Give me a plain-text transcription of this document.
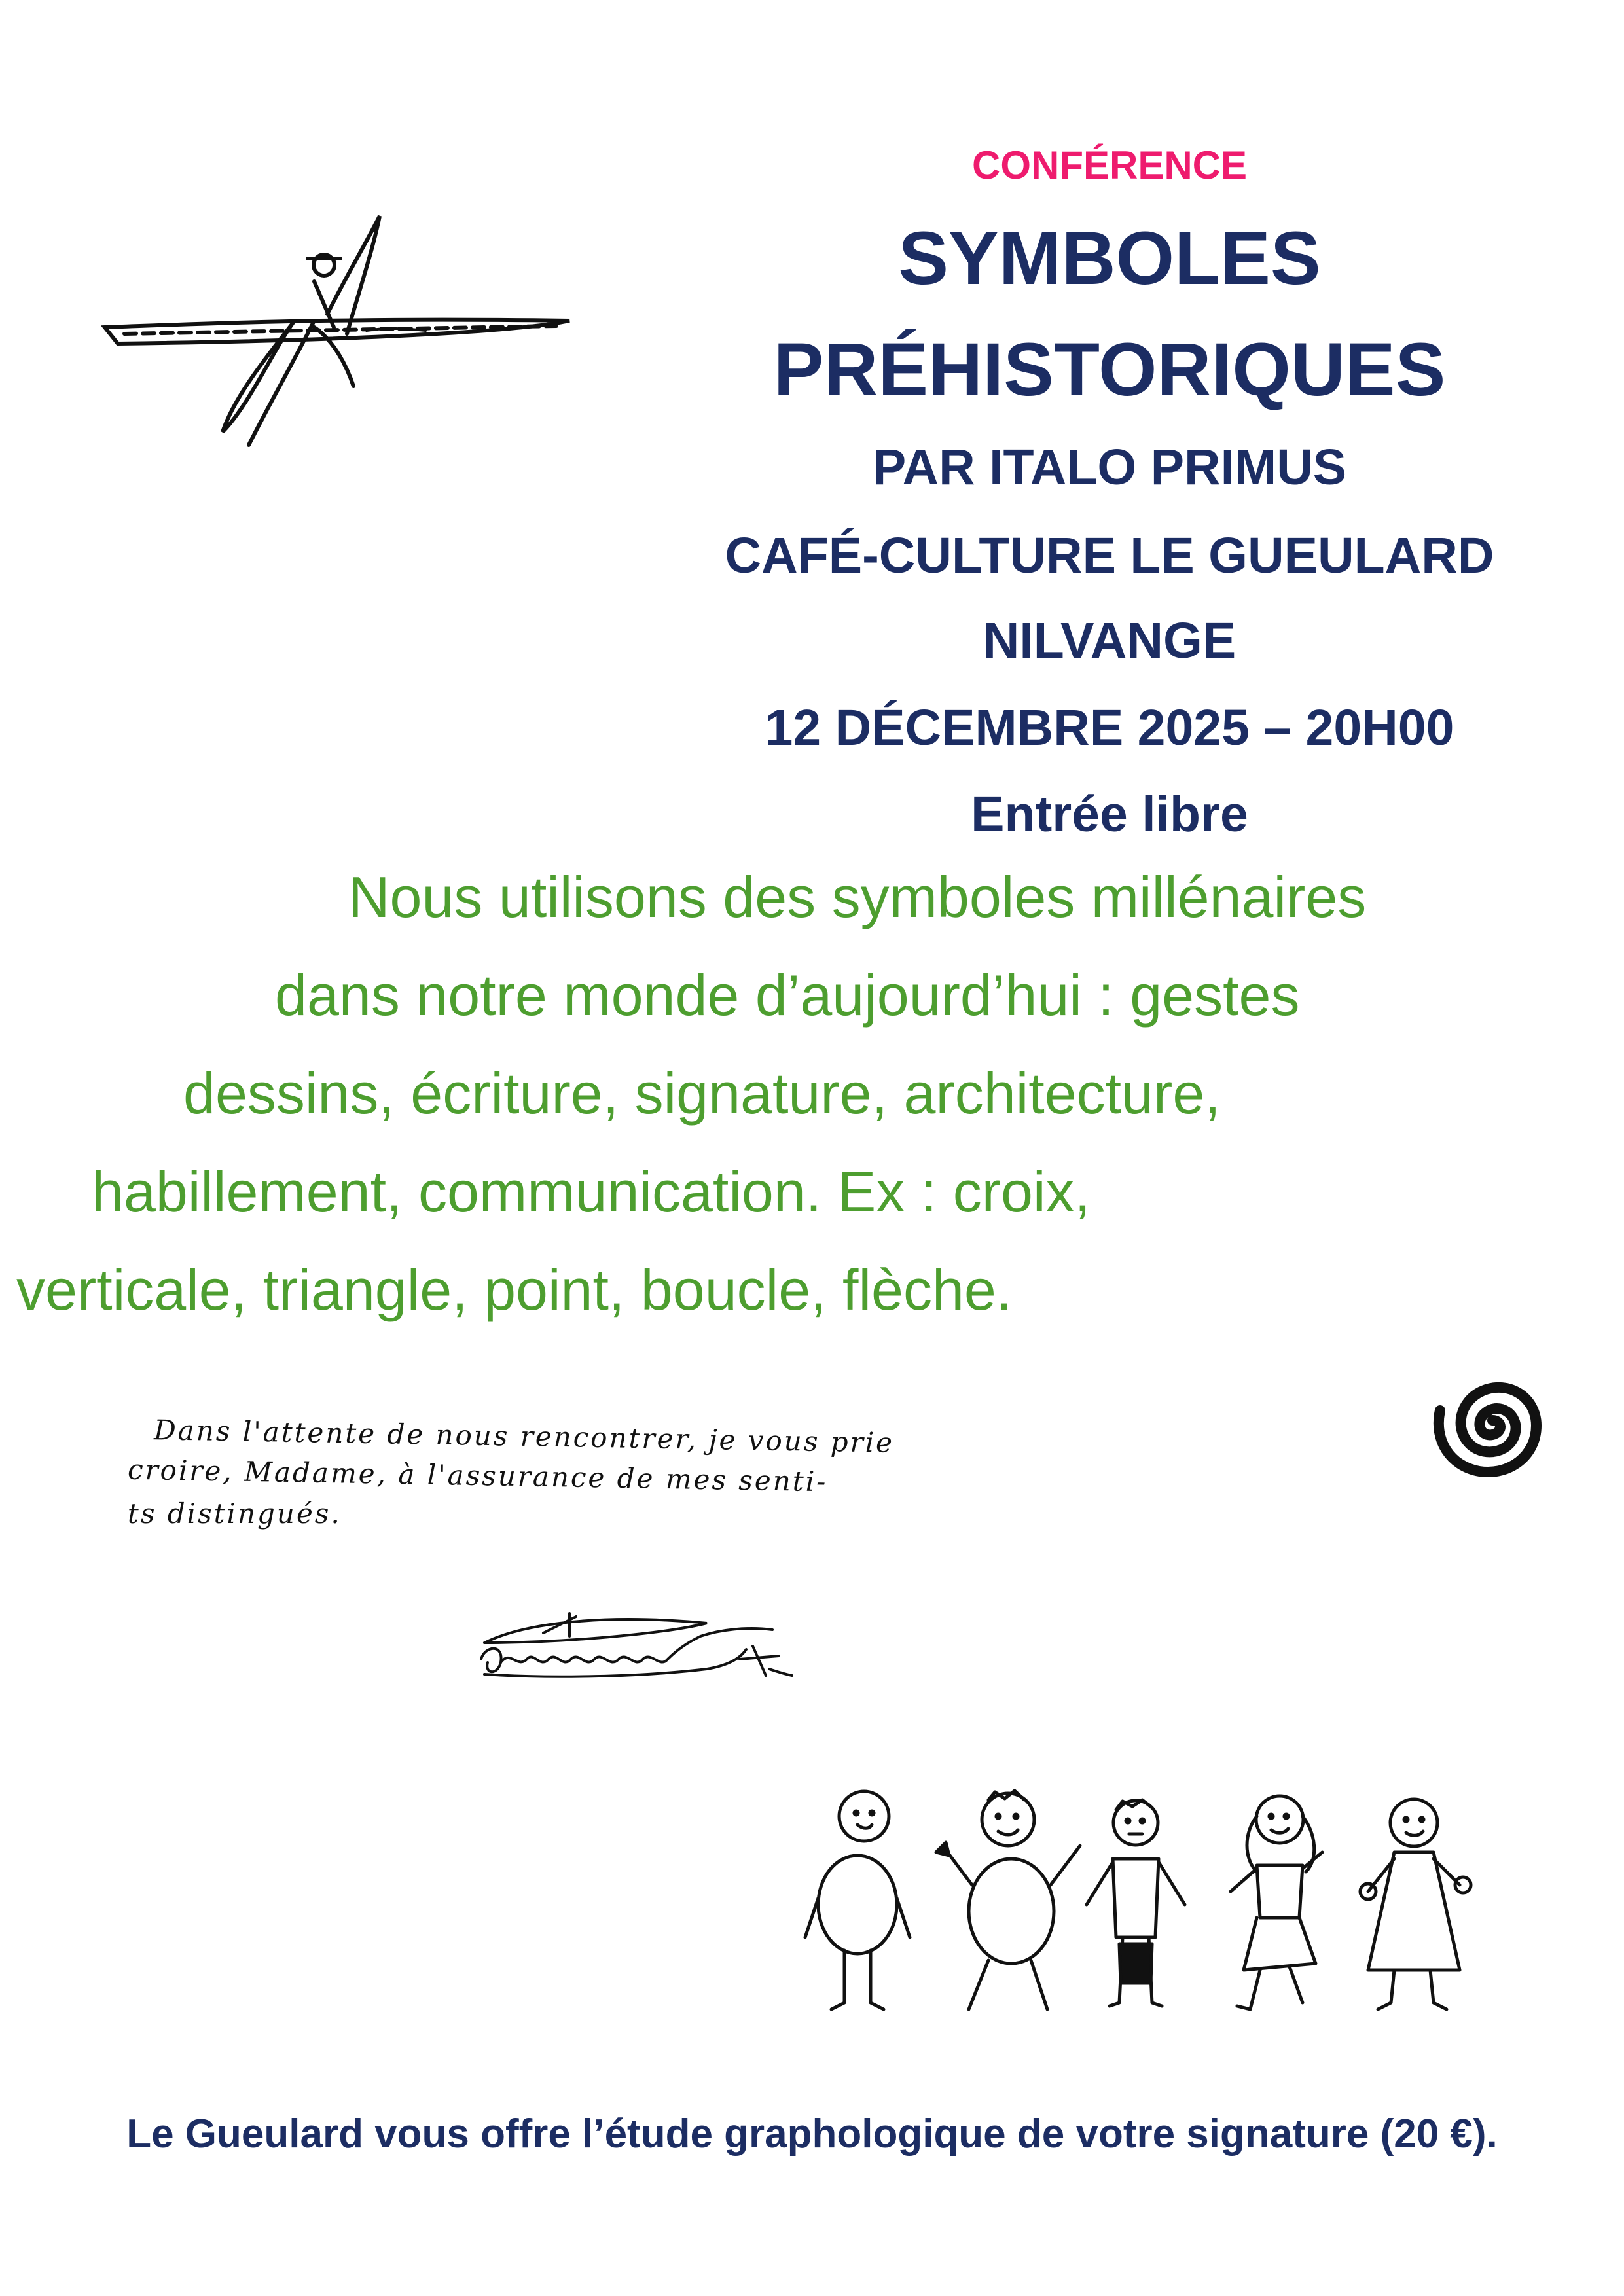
CONFÉRENCE
SYMBOLES
PRÉHISTORIQUES
PAR ITALO PRIMUS
CAFÉ-CULTURE LE GUEULARD
NILVANGE
12 DÉCEMBRE 2025 – 20H00
Entrée libre
Nous utilisons des symboles millénaires
dans notre monde d’aujourd’hui : gestes
dessins, écriture, signature, architecture,
habillement, communication. Ex : croix,
verticale, triangle, point, boucle, flèche.
Dans l'attente de nous rencontrer, je vous prie
croire, Madame, à l'assurance de mes senti-
ts distingués.
Le Gueulard vous offre l’étude graphologique de votre signature (20 €).
